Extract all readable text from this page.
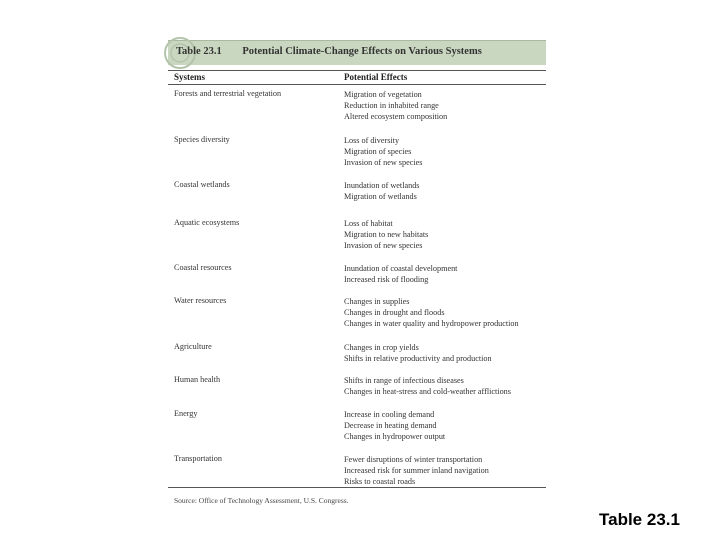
Table 23.1 Potential Climate-Change Effects on Various Systems
Systems	Potential Effects
Forests and terrestrial vegetation	Migration of vegetation
Reduction in inhabited range
Altered ecosystem composition
Species diversity	Loss of diversity
Migration of species
Invasion of new species
Coastal wetlands	Inundation of wetlands
Migration of wetlands
Aquatic ecosystems	Loss of habitat
Migration to new habitats
Invasion of new species
Coastal resources	Inundation of coastal development
Increased risk of flooding
Water resources	Changes in supplies
Changes in drought and floods
Changes in water quality and hydropower production
Agriculture	Changes in crop yields
Shifts in relative productivity and production
Human health	Shifts in range of infectious diseases
Changes in heat-stress and cold-weather afflictions
Energy	Increase in cooling demand
Decrease in heating demand
Changes in hydropower output
Transportation	Fewer disruptions of winter transportation
Increased risk for summer inland navigation
Risks to coastal roads
Source: Office of Technology Assessment, U.S. Congress.
Table 23.1
